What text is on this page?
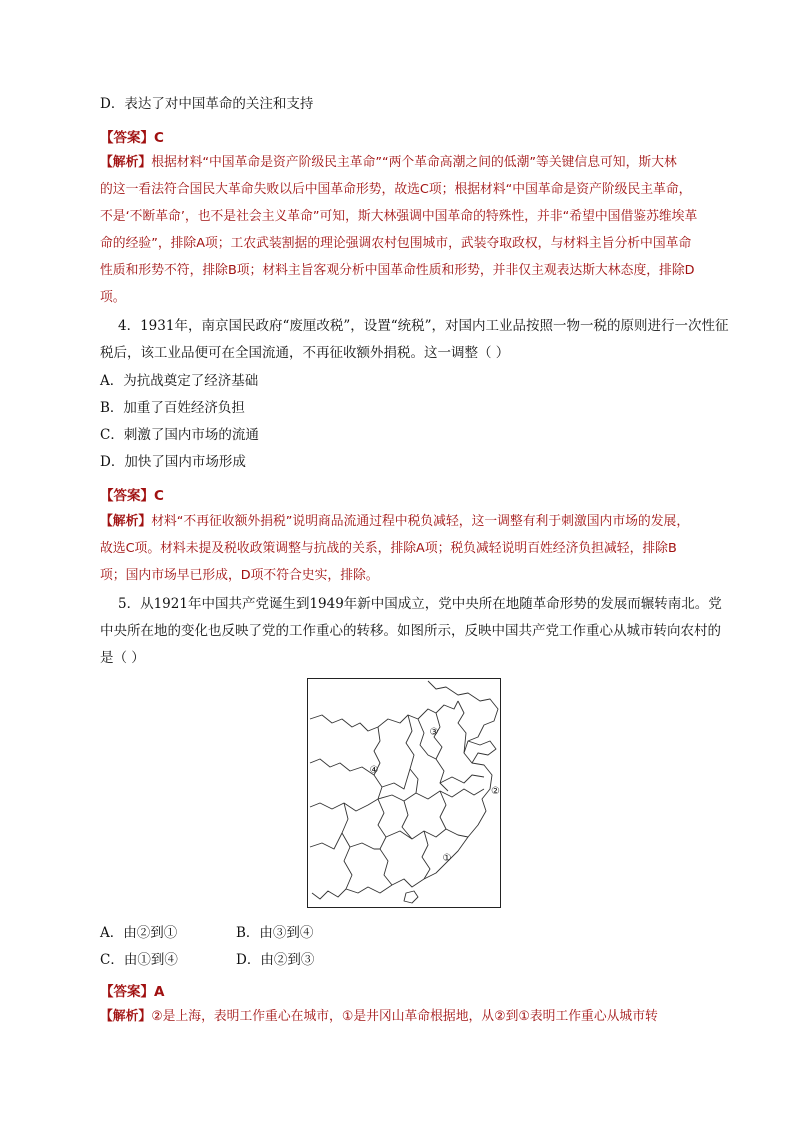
D．表达了对中国革命的关注和支持
【答案】C
【解析】根据材料“中国革命是资产阶级民主革命”“两个革命高潮之间的低潮”等关键信息可知，斯大林
的这一看法符合国民大革命失败以后中国革命形势，故选C项；根据材料“中国革命是资产阶级民主革命，
不是‘不断革命’，也不是社会主义革命”可知，斯大林强调中国革命的特殊性，并非“希望中国借鉴苏维埃革
命的经验”，排除A项；工农武装割据的理论强调农村包围城市，武装夺取政权，与材料主旨分析中国革命
性质和形势不符，排除B项；材料主旨客观分析中国革命性质和形势，并非仅主观表达斯大林态度，排除D
项。
4．1931年，南京国民政府“废厘改税”，设置“统税”，对国内工业品按照一物一税的原则进行一次性征
税后，该工业品便可在全国流通，不再征收额外捐税。这一调整（ ）
A．为抗战奠定了经济基础
B．加重了百姓经济负担
C．刺激了国内市场的流通
D．加快了国内市场形成
【答案】C
【解析】材料“不再征收额外捐税”说明商品流通过程中税负减轻，这一调整有利于刺激国内市场的发展，
故选C项。材料未提及税收政策调整与抗战的关系，排除A项；税负减轻说明百姓经济负担减轻，排除B
项；国内市场早已形成，D项不符合史实，排除。
5．从1921年中国共产党诞生到1949年新中国成立，党中央所在地随革命形势的发展而辗转南北。党
中央所在地的变化也反映了党的工作重心的转移。如图所示，反映中国共产党工作重心从城市转向农村的
是（ ）
①
②
③
④
A．由②到①	B．由③到④
C．由①到④	D．由②到③
【答案】A
【解析】②是上海，表明工作重心在城市，①是井冈山革命根据地，从②到①表明工作重心从城市转
